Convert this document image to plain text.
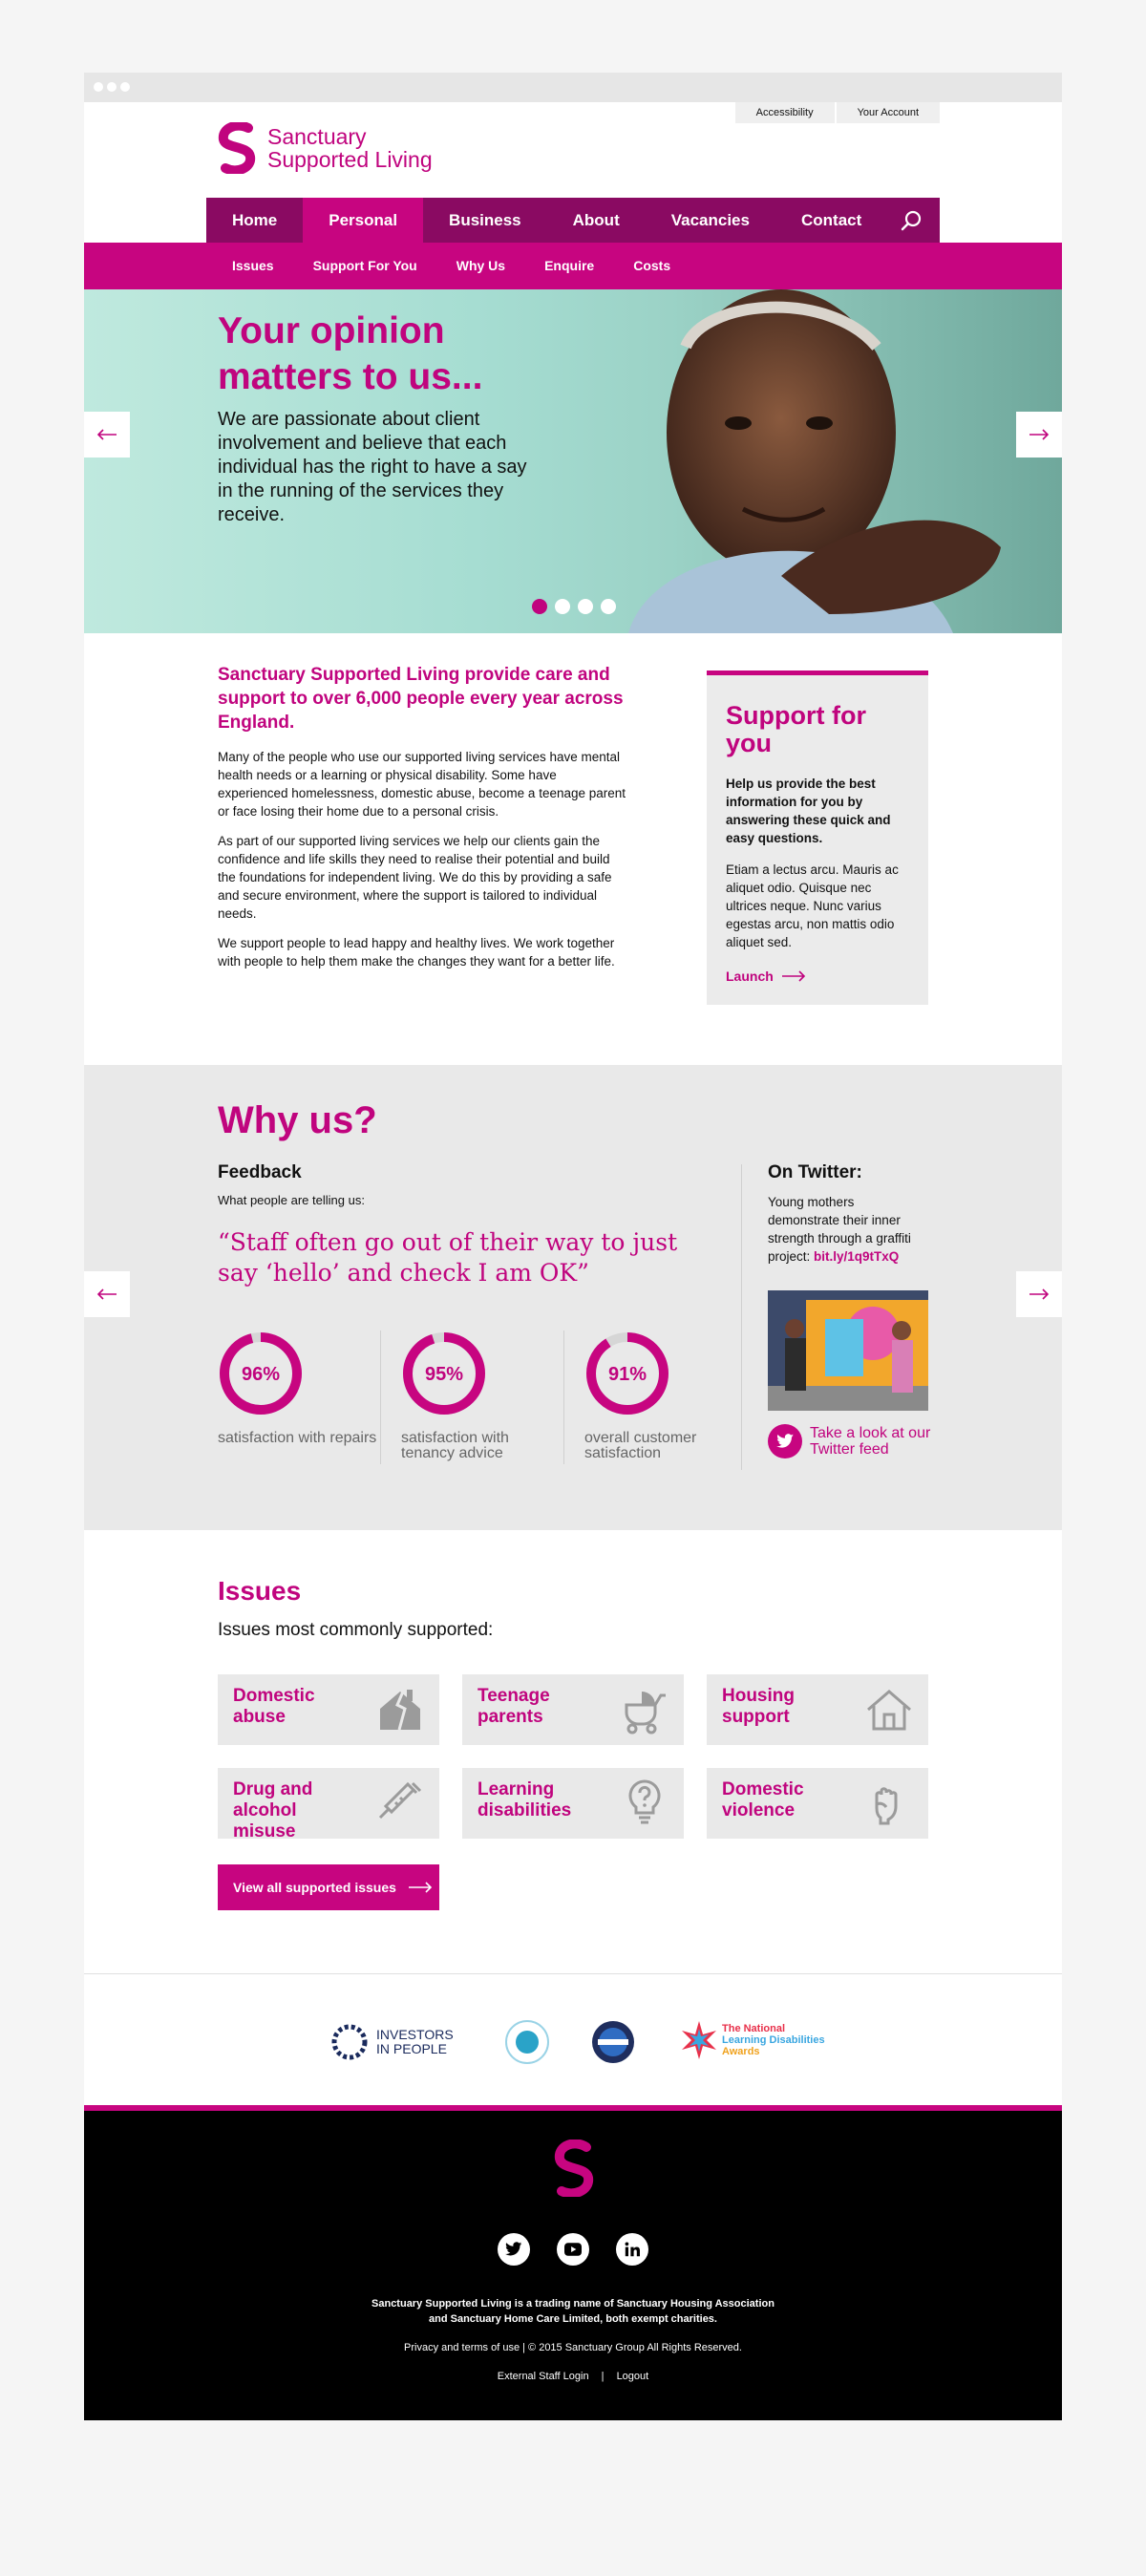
Accessibility	Your Account
Sanctuary
Supported Living
Home	Personal	Business	About	Vacancies	Contact
Issues	Support For You	Why Us	Enquire	Costs
Your opinion matters to us...
We are passionate about client involvement and believe that each individual has the right to have a say in the running of the services they receive.

Sanctuary Supported Living provide care and support to over 6,000 people every year across England.

Many of the people who use our supported living services have mental health needs or a learning or physical disability. Some have experienced homelessness, domestic abuse, become a teenage parent or face losing their home due to a personal crisis.

As part of our supported living services we help our clients gain the confidence and life skills they need to realise their potential and build the foundations for independent living. We do this by providing a safe and secure environment, where the support is tailored to individual needs.

We support people to lead happy and healthy lives. We work together with people to help them make the changes they want for a better life.

Support for you

Help us provide the best information for you by answering these quick and easy questions.

Etiam a lectus arcu. Mauris ac aliquet odio. Quisque nec ultrices neque. Nunc varius egestas arcu, non mattis odio aliquet sed.

Launch
Why us?
Feedback
What people are telling us:
“Staff often go out of their way to just say ‘hello’ and check I am OK”
96%
satisfaction with repairs
95%
satisfaction with tenancy advice
91%
overall customer satisfaction
On Twitter:
Young mothers demonstrate their inner strength through a graffiti project: bit.ly/1q9tTxQ
Take a look at our Twitter feed
Issues
Issues most commonly supported:
Domestic abuse
Teenage parents
Housing support
Drug and alcohol misuse
Learning disabilities
Domestic violence
View all supported issues
INVESTORS
IN PEOPLE
The National
Learning Disabilities
Awards
Sanctuary Supported Living is a trading name of Sanctuary Housing Association
and Sanctuary Home Care Limited, both exempt charities.
Privacy and terms of use | © 2015 Sanctuary Group All Rights Reserved.
External Staff Login | Logout
